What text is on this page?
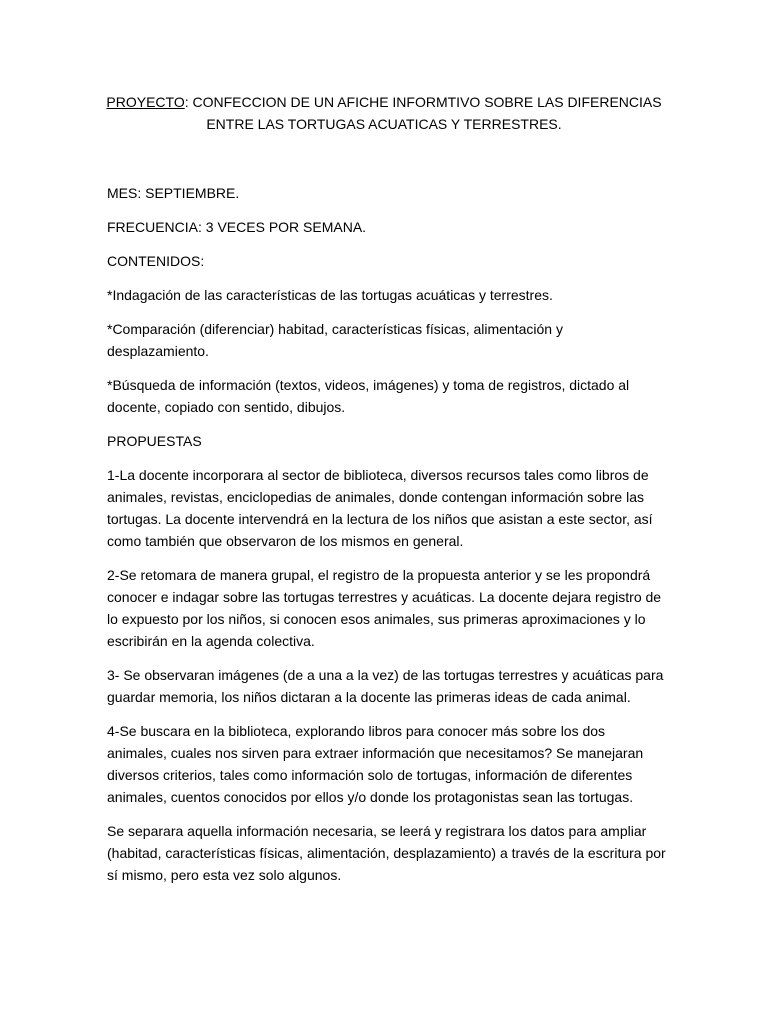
PROYECTO: CONFECCION DE UN AFICHE INFORMTIVO SOBRE LAS DIFERENCIAS ENTRE LAS TORTUGAS ACUATICAS Y TERRESTRES.

MES: SEPTIEMBRE.

FRECUENCIA: 3 VECES POR SEMANA.

CONTENIDOS:

*Indagación de las características de las tortugas acuáticas y terrestres.

*Comparación (diferenciar) habitad, características físicas, alimentación y desplazamiento.

*Búsqueda de información (textos, videos, imágenes) y toma de registros, dictado al docente, copiado con sentido, dibujos.

PROPUESTAS

1-La docente incorporara al sector de biblioteca, diversos recursos tales como libros de animales, revistas, enciclopedias de animales, donde contengan información sobre las tortugas. La docente intervendrá en la lectura de los niños que asistan a este sector, así como también que observaron de los mismos en general.

2-Se retomara de manera grupal, el registro de la propuesta anterior y se les propondrá conocer e indagar sobre las tortugas terrestres y acuáticas. La docente dejara registro de lo expuesto por los niños, si conocen esos animales, sus primeras aproximaciones y lo escribirán en la agenda colectiva.

3- Se observaran imágenes (de a una a la vez) de las tortugas terrestres y acuáticas para guardar memoria, los niños dictaran a la docente las primeras ideas de cada animal.

4-Se buscara en la biblioteca, explorando libros para conocer más sobre los dos animales, cuales nos sirven para extraer información que necesitamos? Se manejaran diversos criterios, tales como información solo de tortugas, información de diferentes animales, cuentos conocidos por ellos y/o donde los protagonistas sean las tortugas.

Se separara aquella información necesaria, se leerá y registrara los datos para ampliar (habitad, características físicas, alimentación, desplazamiento) a través de la escritura por sí mismo, pero esta vez solo algunos.
